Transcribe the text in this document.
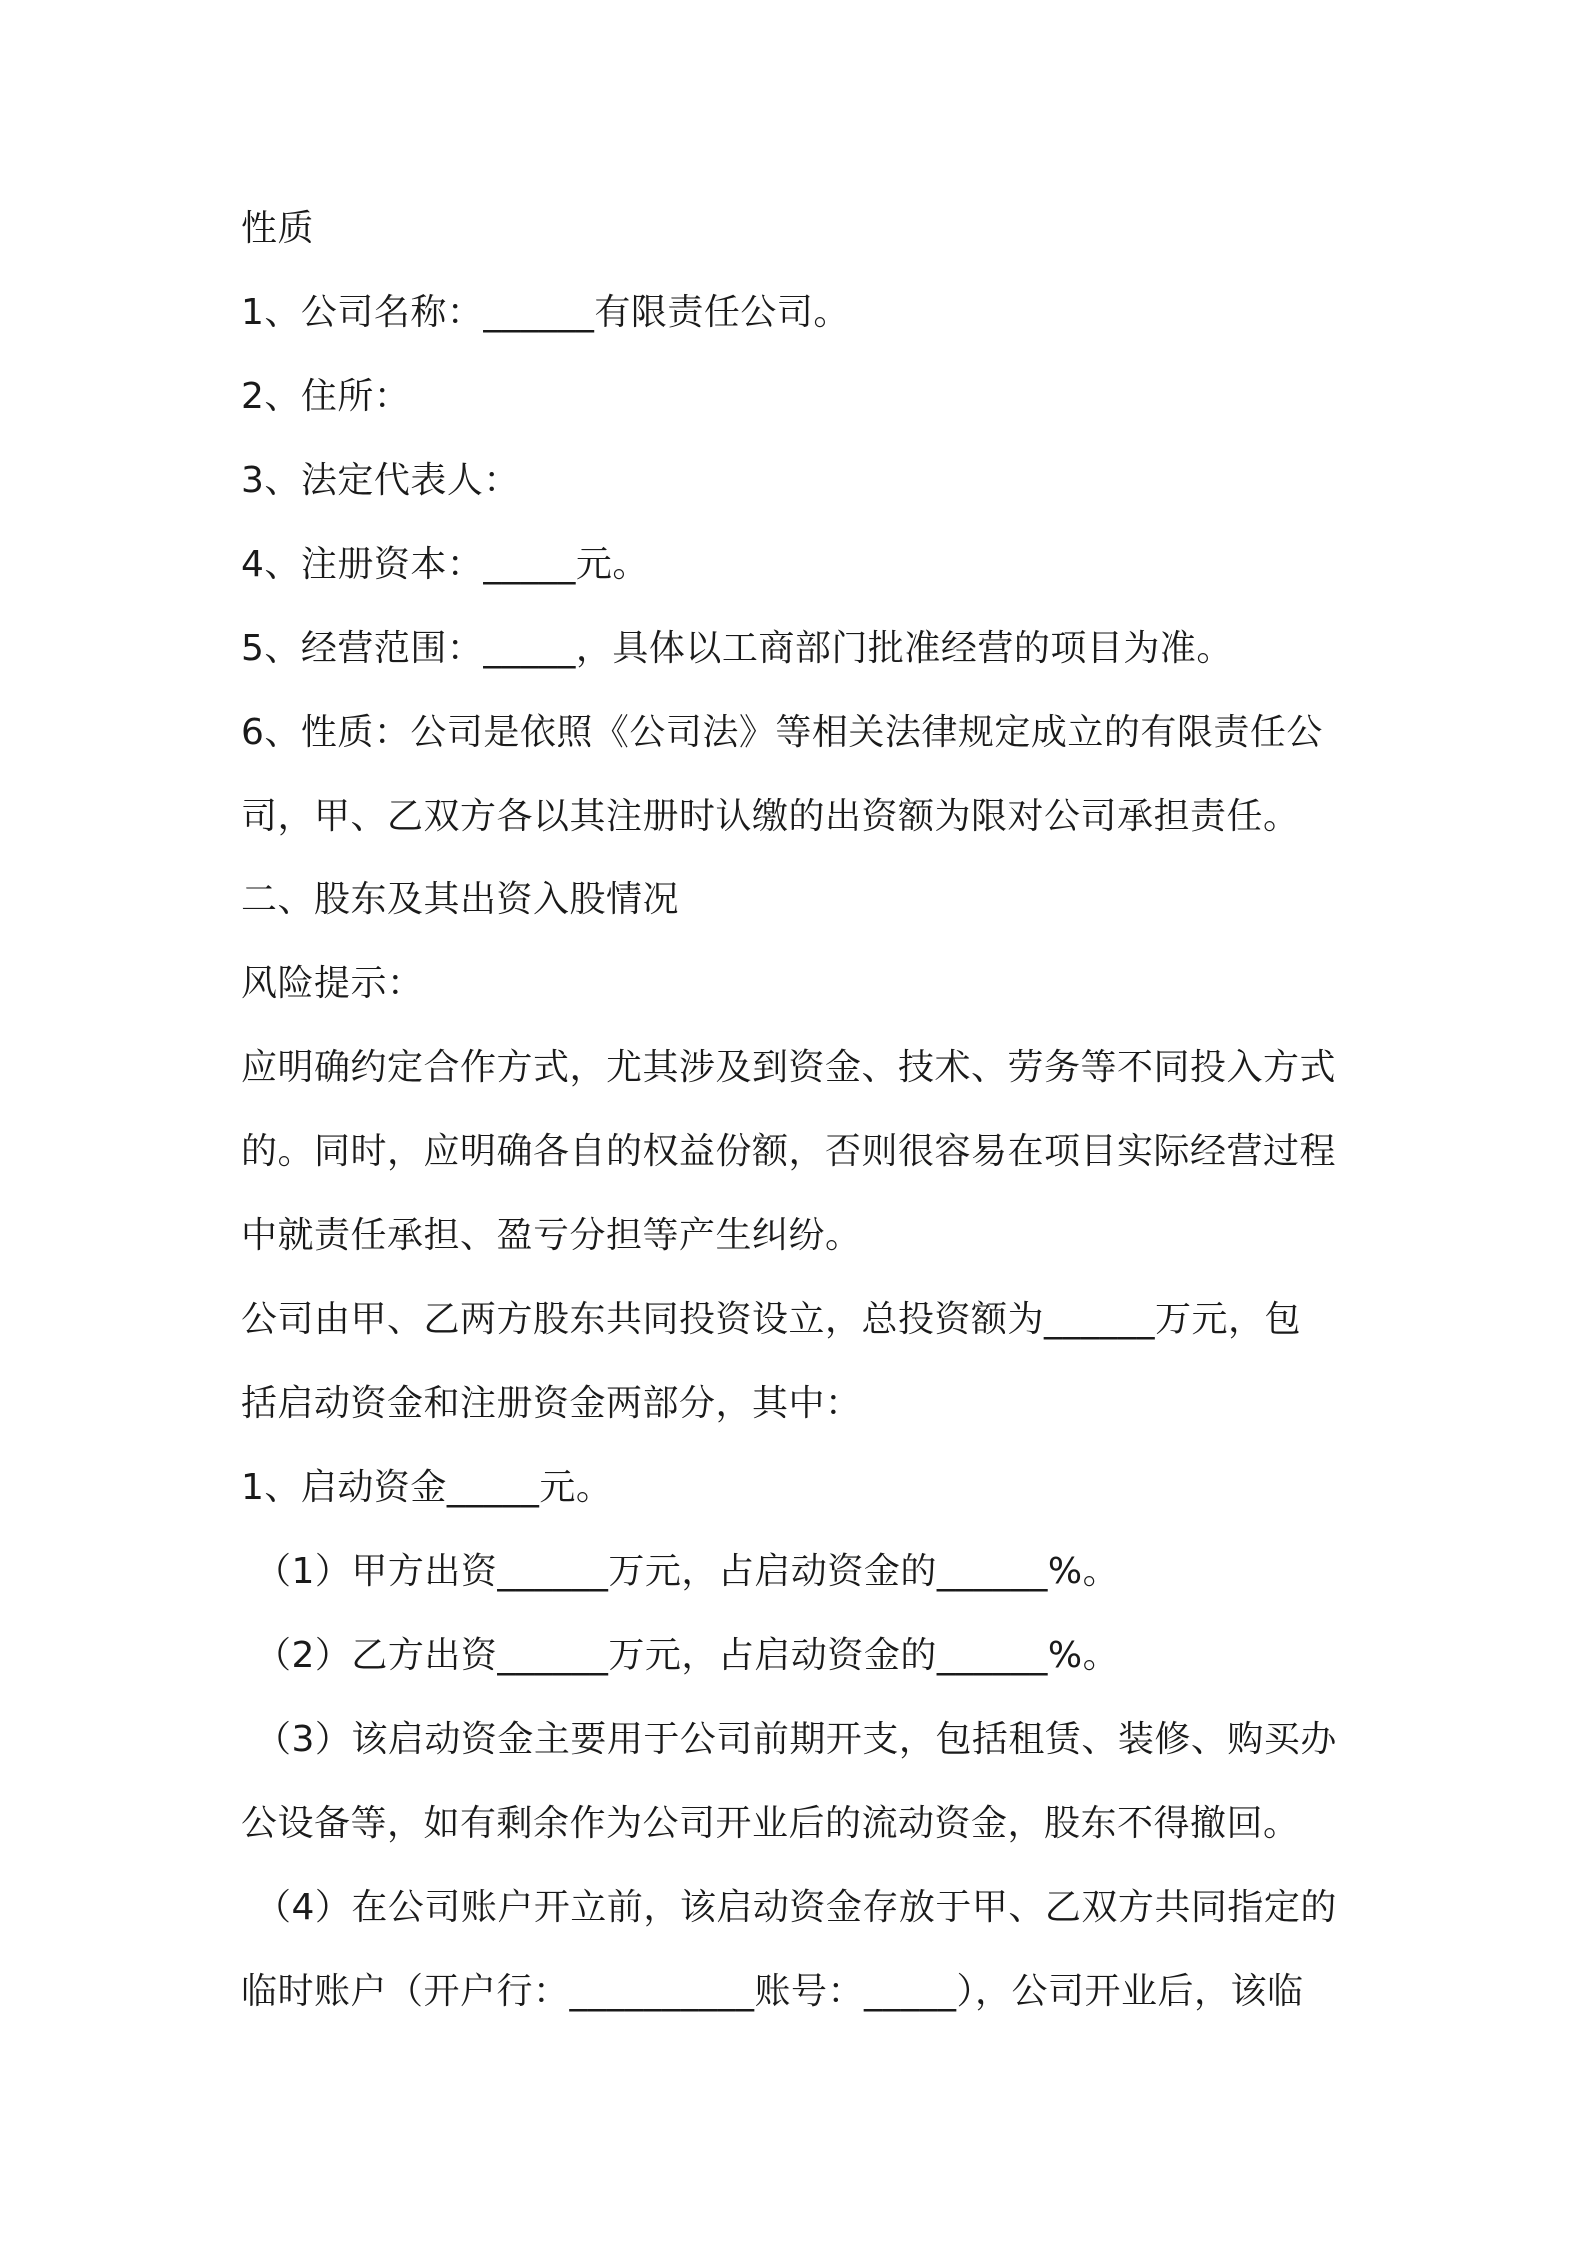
性质
1、公司名称：______有限责任公司。
2、住所：
3、法定代表人：
4、注册资本：_____元。
5、经营范围：_____，具体以工商部门批准经营的项目为准。
6、性质：公司是依照《公司法》等相关法律规定成立的有限责任公
司，甲、乙双方各以其注册时认缴的出资额为限对公司承担责任。
二、股东及其出资入股情况
风险提示：
应明确约定合作方式，尤其涉及到资金、技术、劳务等不同投入方式
的。同时，应明确各自的权益份额，否则很容易在项目实际经营过程
中就责任承担、盈亏分担等产生纠纷。
公司由甲、乙两方股东共同投资设立，总投资额为______万元，包
括启动资金和注册资金两部分，其中：
1、启动资金_____元。
（1）甲方出资______万元，占启动资金的______%。
（2）乙方出资______万元，占启动资金的______%。
（3）该启动资金主要用于公司前期开支，包括租赁、装修、购买办
公设备等，如有剩余作为公司开业后的流动资金，股东不得撤回。
（4）在公司账户开立前，该启动资金存放于甲、乙双方共同指定的
临时账户（开户行：__________账号：_____），公司开业后，该临
